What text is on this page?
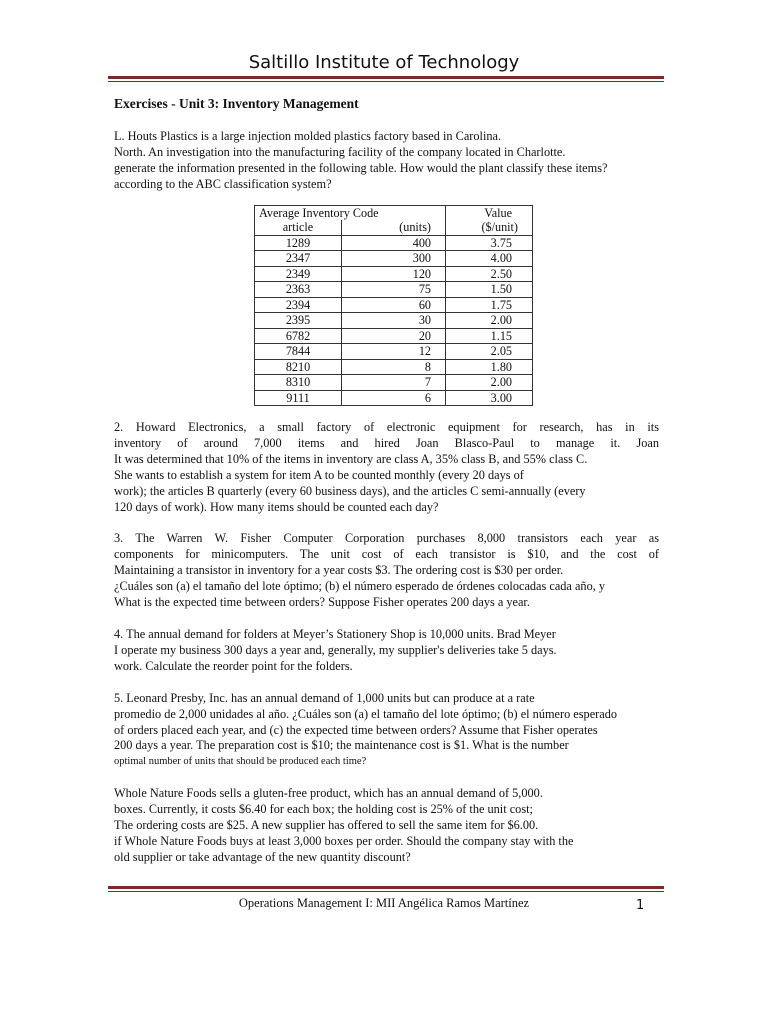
Saltillo Institute of Technology
Exercises - Unit 3: Inventory Management
L. Houts Plastics is a large injection molded plastics factory based in Carolina.
North. An investigation into the manufacturing facility of the company located in Charlotte.
generate the information presented in the following table. How would the plant classify these items?
according to the ABC classification system?
Average Inventory Code		Value
article	(units)	($/unit)
1289	400	3.75
2347	300	4.00
2349	120	2.50
2363	75	1.50
2394	60	1.75
2395	30	2.00
6782	20	1.15
7844	12	2.05
8210	8	1.80
8310	7	2.00
9111	6	3.00
2. Howard Electronics, a small factory of electronic equipment for research, has in its
inventory of around 7,000 items and hired Joan Blasco-Paul to manage it. Joan
It was determined that 10% of the items in inventory are class A, 35% class B, and 55% class C.
She wants to establish a system for item A to be counted monthly (every 20 days of
work); the articles B quarterly (every 60 business days), and the articles C semi-annually (every
120 days of work). How many items should be counted each day?
3. The Warren W. Fisher Computer Corporation purchases 8,000 transistors each year as
components for minicomputers. The unit cost of each transistor is $10, and the cost of
Maintaining a transistor in inventory for a year costs $3. The ordering cost is $30 per order.
¿Cuáles son (a) el tamaño del lote óptimo; (b) el número esperado de órdenes colocadas cada año, y
What is the expected time between orders? Suppose Fisher operates 200 days a year.
4. The annual demand for folders at Meyer’s Stationery Shop is 10,000 units. Brad Meyer
I operate my business 300 days a year and, generally, my supplier's deliveries take 5 days.
work. Calculate the reorder point for the folders.
5. Leonard Presby, Inc. has an annual demand of 1,000 units but can produce at a rate
promedio de 2,000 unidades al año. ¿Cuáles son (a) el tamaño del lote óptimo; (b) el número esperado
of orders placed each year, and (c) the expected time between orders? Assume that Fisher operates
200 days a year. The preparation cost is $10; the maintenance cost is $1. What is the number
optimal number of units that should be produced each time?
Whole Nature Foods sells a gluten-free product, which has an annual demand of 5,000.
boxes. Currently, it costs $6.40 for each box; the holding cost is 25% of the unit cost;
The ordering costs are $25. A new supplier has offered to sell the same item for $6.00.
if Whole Nature Foods buys at least 3,000 boxes per order. Should the company stay with the
old supplier or take advantage of the new quantity discount?
Operations Management I: MII Angélica Ramos Martínez	1
